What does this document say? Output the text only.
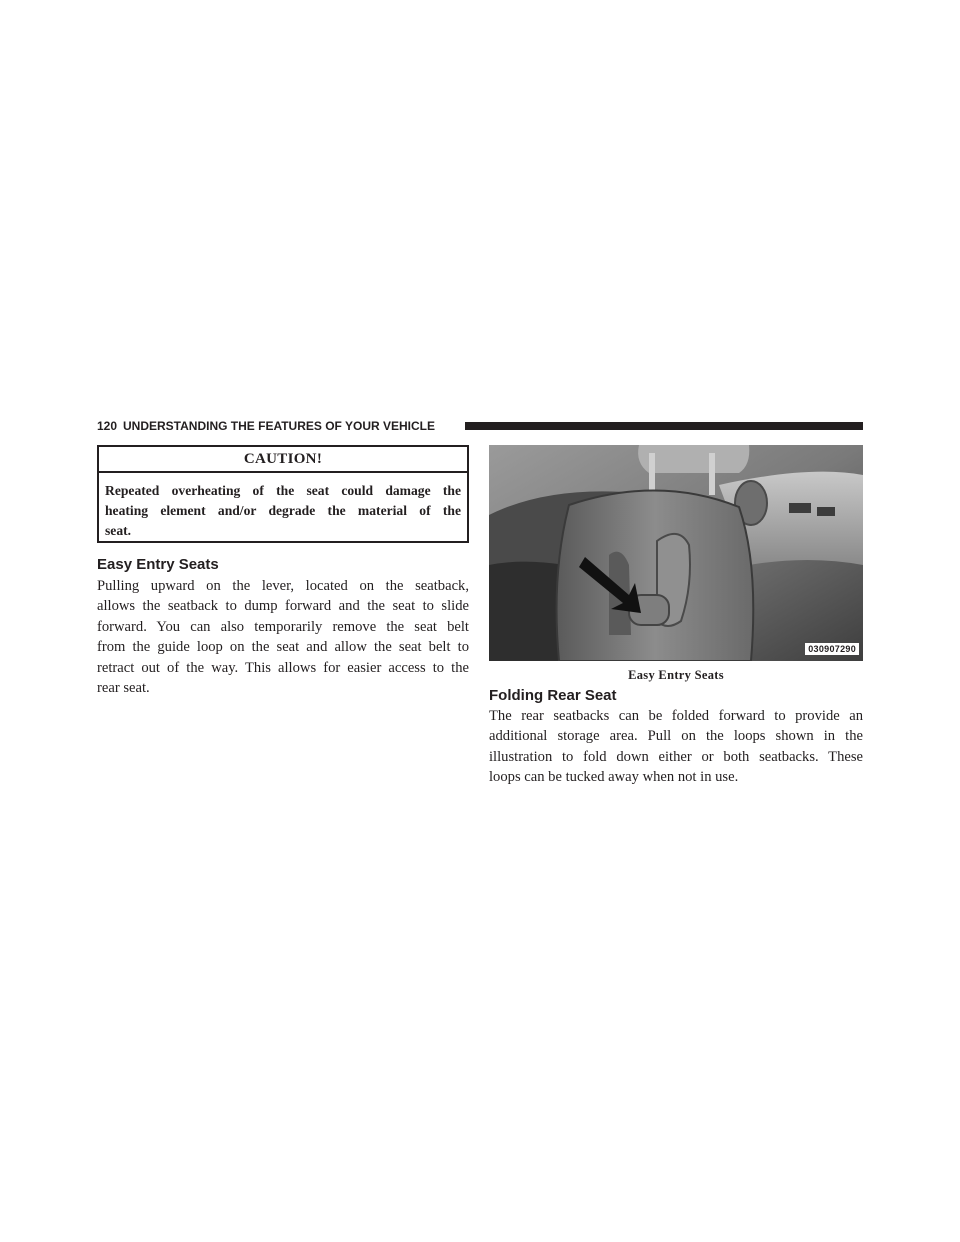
120 UNDERSTANDING THE FEATURES OF YOUR VEHICLE
CAUTION!
Repeated overheating of the seat could damage the
heating element and/or degrade the material of the
seat.
Easy Entry Seats
Pulling upward on the lever, located on the seatback,
allows the seatback to dump forward and the seat to slide
forward. You can also temporarily remove the seat belt
from the guide loop on the seat and allow the seat belt to
retract out of the way. This allows for easier access to the
rear seat.
030907290
Easy Entry Seats
Folding Rear Seat
The rear seatbacks can be folded forward to provide an
additional storage area. Pull on the loops shown in the
illustration to fold down either or both seatbacks. These
loops can be tucked away when not in use.
